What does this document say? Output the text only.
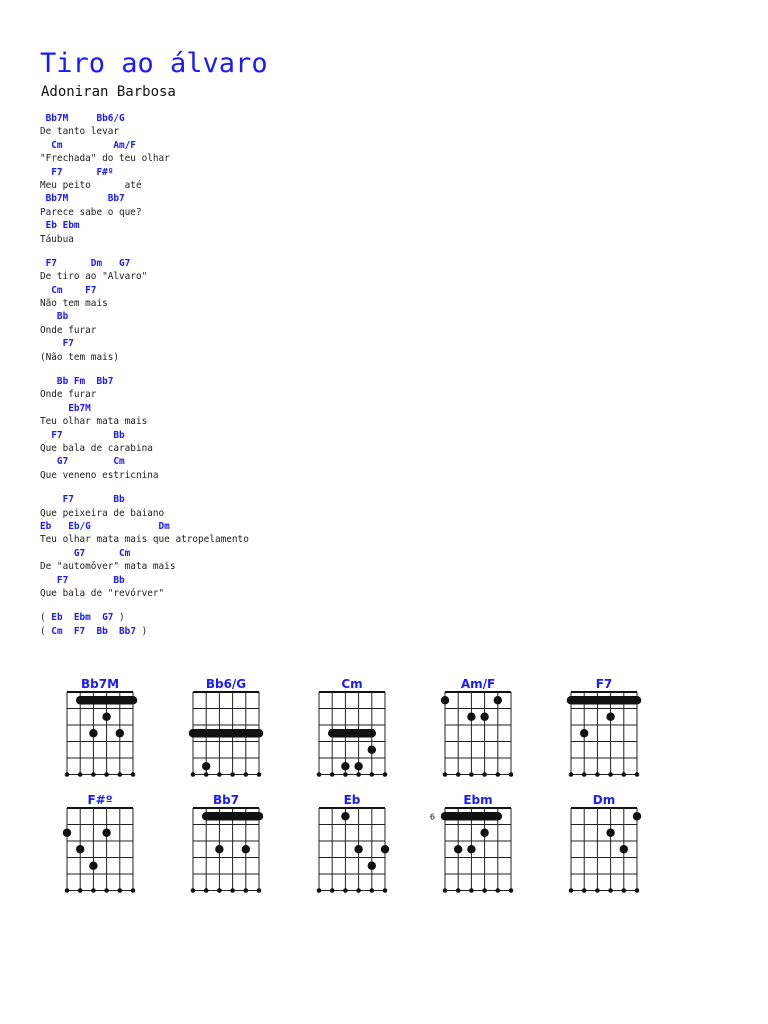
Tiro ao álvaro
Adoniran Barbosa
Bb7M     Bb6/G
De tanto levar
Cm         Am/F
"Frechada" do teu olhar
F7      F#º
Meu peito      até
Bb7M       Bb7
Parece sabe o que?
Eb Ebm
Táubua
F7      Dm   G7
De tiro ao "Alvaro"
Cm    F7
Não tem mais
Bb
Onde furar
F7
(Não tem mais)
Bb Fm  Bb7
Onde furar
Eb7M
Teu olhar mata mais
F7         Bb
Que bala de carabina
G7        Cm
Que veneno estricnina
F7       Bb
Que peixeira de baiano
Eb   Eb/G            Dm
Teu olhar mata mais que atropelamento
G7      Cm
De "automóver" mata mais
F7        Bb
Que bala de "revórver"
( Eb  Ebm  G7 )
( Cm  F7  Bb  Bb7 )
Bb7M	Bb6/G	Cm	Am/F	F7
F#º	Bb7	Eb	Ebm
6
Dm
